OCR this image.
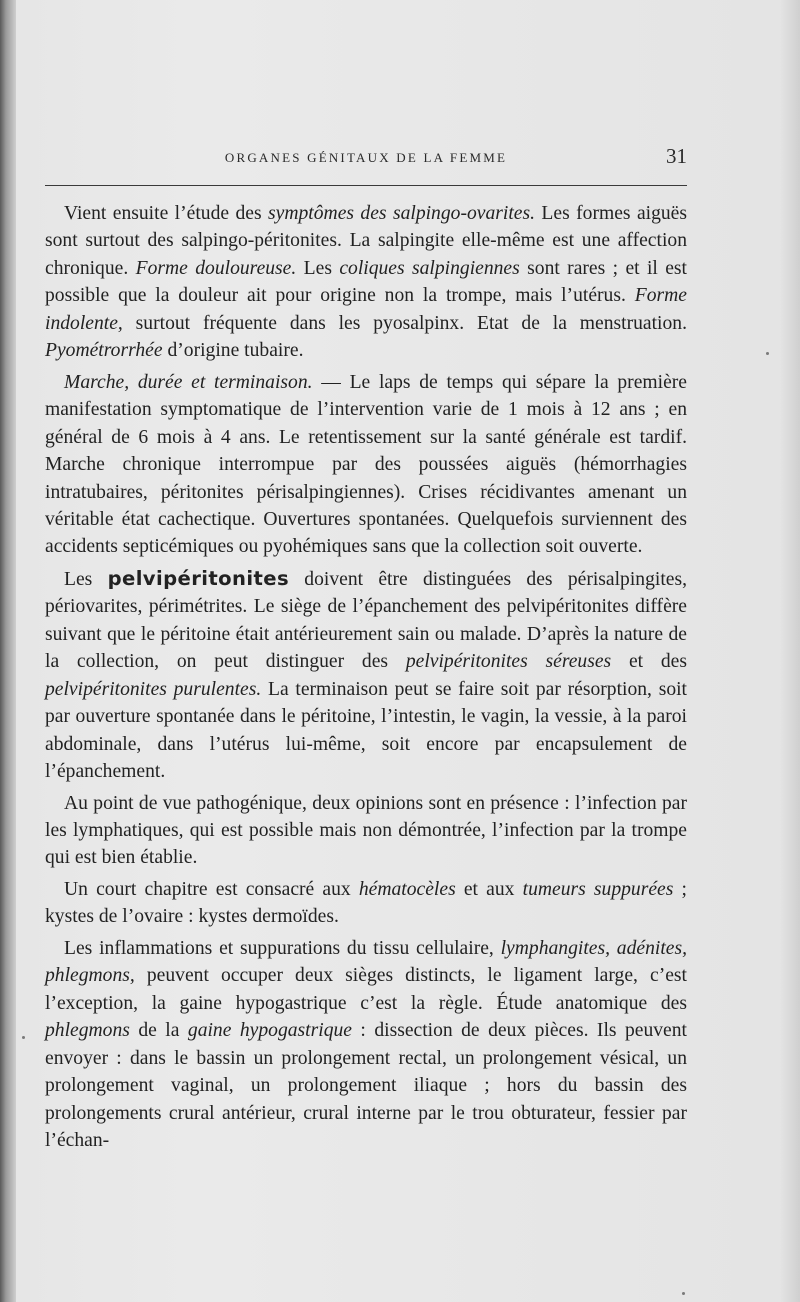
ORGANES GÉNITAUX DE LA FEMME	31

Vient ensuite l’étude des symptômes des salpingo-ovarites. Les formes aiguës sont surtout des salpingo-péritonites. La salpingite elle-même est une affection chronique. Forme douloureuse. Les coliques salpingiennes sont rares ; et il est possible que la douleur ait pour origine non la trompe, mais l’utérus. Forme indolente, surtout fréquente dans les pyosalpinx. Etat de la menstruation. Pyométrorrhée d’origine tubaire.

Marche, durée et terminaison. — Le laps de temps qui sépare la première manifestation symptomatique de l’intervention varie de 1 mois à 12 ans ; en général de 6 mois à 4 ans. Le retentissement sur la santé générale est tardif. Marche chronique interrompue par des poussées aiguës (hémorrhagies intratubaires, péritonites périsalpingiennes). Crises récidivantes amenant un véritable état cachectique. Ouvertures spontanées. Quelquefois surviennent des accidents septicémiques ou pyohémiques sans que la collection soit ouverte.

Les pelvipéritonites doivent être distinguées des périsalpingites, périovarites, périmétrites. Le siège de l’épanchement des pelvipéritonites diffère suivant que le péritoine était antérieurement sain ou malade. D’après la nature de la collection, on peut distinguer des pelvipéritonites séreuses et des pelvipéritonites purulentes. La terminaison peut se faire soit par résorption, soit par ouverture spontanée dans le péritoine, l’intestin, le vagin, la vessie, à la paroi abdominale, dans l’utérus lui-même, soit encore par encapsulement de l’épanchement.

Au point de vue pathogénique, deux opinions sont en présence : l’infection par les lymphatiques, qui est possible mais non démontrée, l’infection par la trompe qui est bien établie.

Un court chapitre est consacré aux hématocèles et aux tumeurs suppurées ; kystes de l’ovaire : kystes dermoïdes.

Les inflammations et suppurations du tissu cellulaire, lymphangites, adénites, phlegmons, peuvent occuper deux sièges distincts, le ligament large, c’est l’exception, la gaine hypogastrique c’est la règle. Étude anatomique des phlegmons de la gaine hypogastrique : dissection de deux pièces. Ils peuvent envoyer : dans le bassin un prolongement rectal, un prolongement vésical, un prolongement vaginal, un prolongement iliaque ; hors du bassin des prolongements crural antérieur, crural interne par le trou obturateur, fessier par l’échan-
